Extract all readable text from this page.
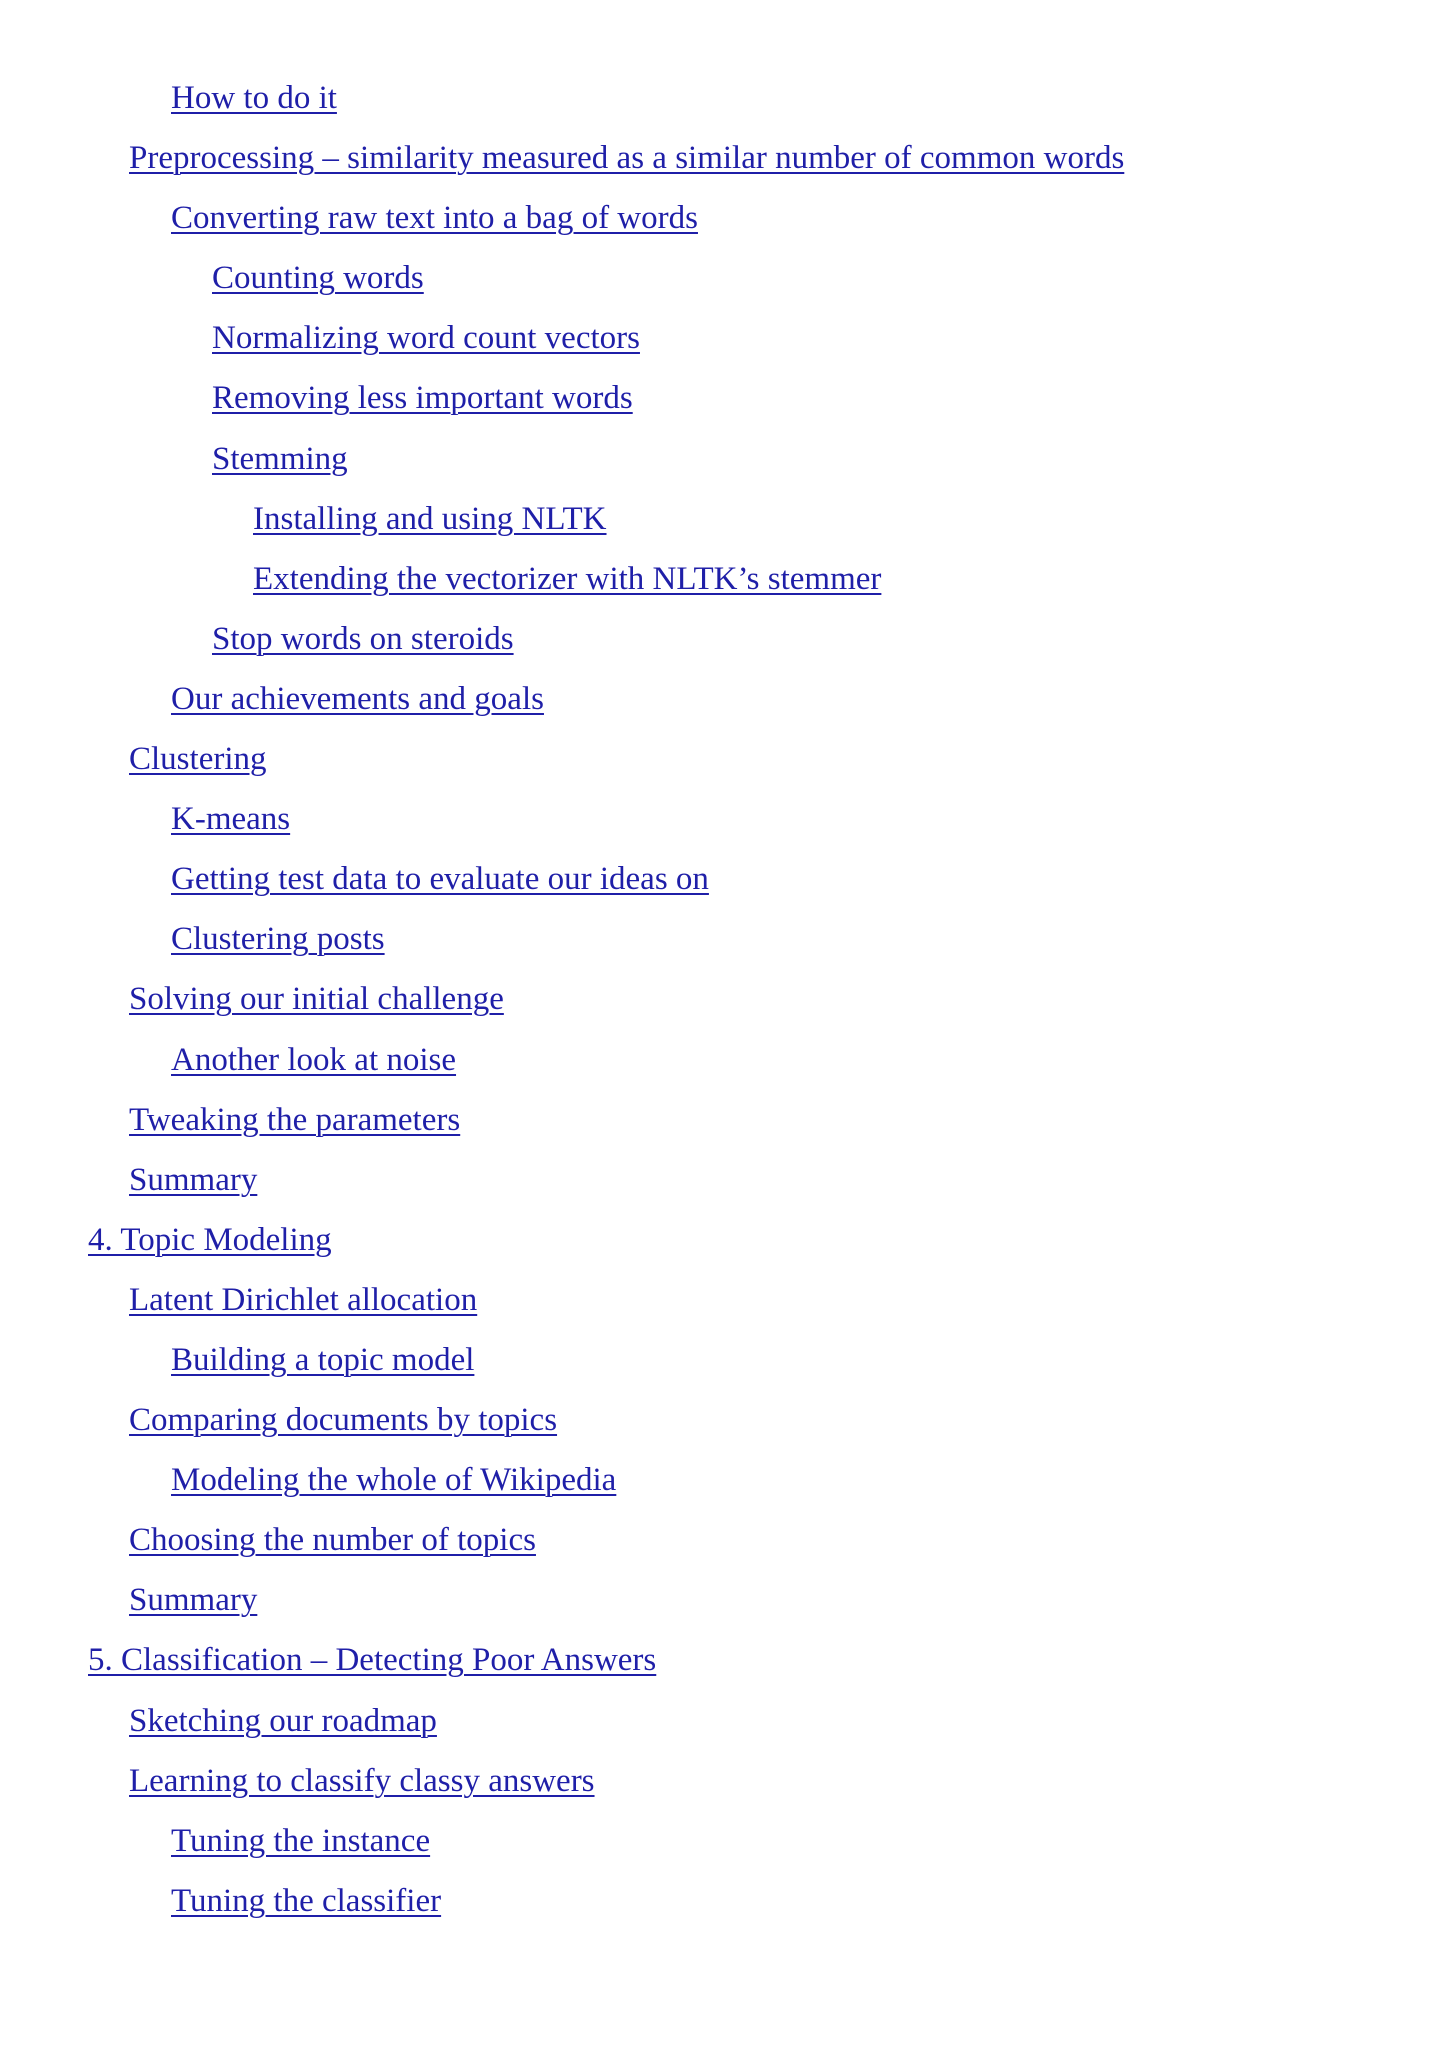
How to do it
Preprocessing – similarity measured as a similar number of common words
Converting raw text into a bag of words
Counting words
Normalizing word count vectors
Removing less important words
Stemming
Installing and using NLTK
Extending the vectorizer with NLTK’s stemmer
Stop words on steroids
Our achievements and goals
Clustering
K-means
Getting test data to evaluate our ideas on
Clustering posts
Solving our initial challenge
Another look at noise
Tweaking the parameters
Summary
4. Topic Modeling
Latent Dirichlet allocation
Building a topic model
Comparing documents by topics
Modeling the whole of Wikipedia
Choosing the number of topics
Summary
5. Classification – Detecting Poor Answers
Sketching our roadmap
Learning to classify classy answers
Tuning the instance
Tuning the classifier
